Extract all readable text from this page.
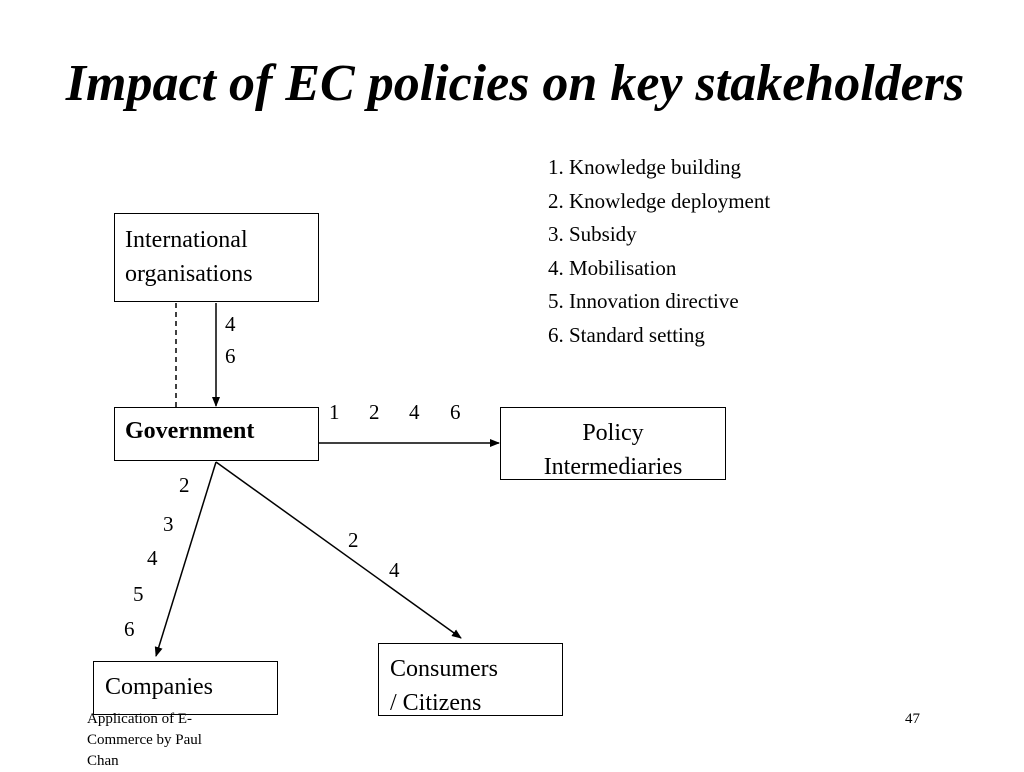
Impact of EC policies on key stakeholders
1. Knowledge building
2. Knowledge deployment
3. Subsidy
4. Mobilisation
5. Innovation directive
6. Standard setting
International
organisations
Government	Policy
Intermediaries
Companies
Consumers
/ Citizens
4
6
1 2 4 6
2
3
4
5
6
2
4
Application of E-
Commerce by Paul
Chan
47
